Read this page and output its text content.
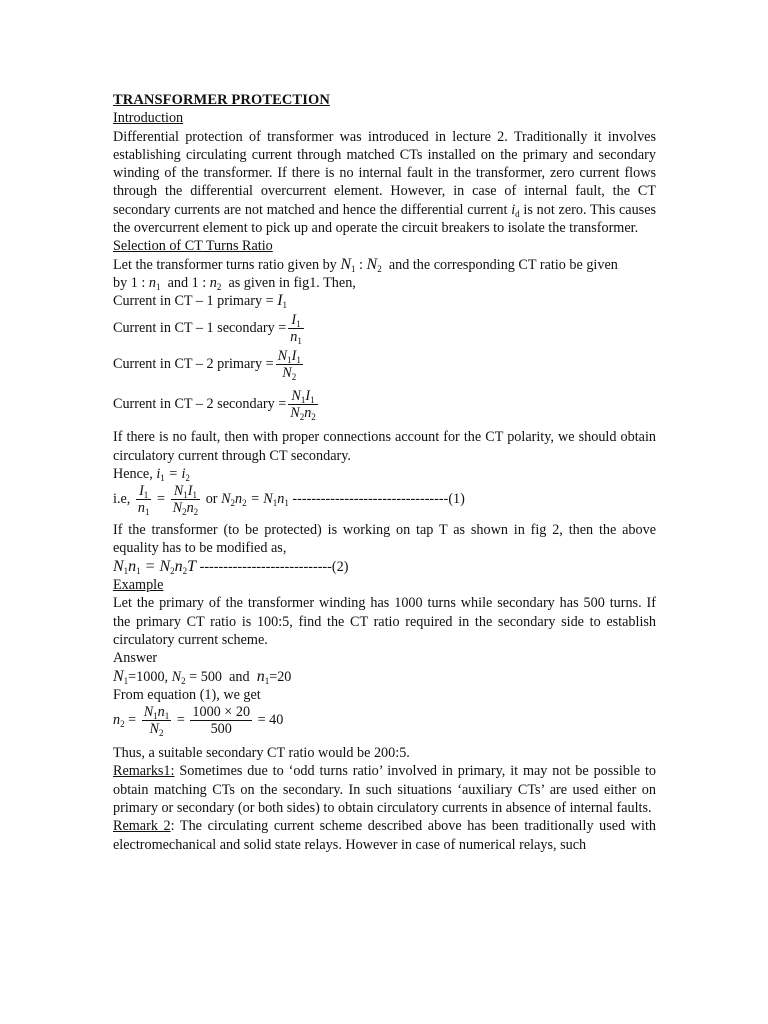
TRANSFORMER PROTECTION
Introduction
Differential protection of transformer was introduced in lecture 2. Traditionally it involves establishing circulating current through matched CTs installed on the primary and secondary winding of the transformer. If there is no internal fault in the transformer, zero current flows through the differential overcurrent element. However, in case of internal fault, the CT secondary currents are not matched and hence the differential current $i_d$ is not zero. This causes the overcurrent element to pick up and operate the circuit breakers to isolate the transformer.
Selection of CT Turns Ratio
Let the transformer turns ratio given by $N_1$ : $N_2$ and the corresponding CT ratio be given
by 1 : $n_1$ and 1 : $n_2$ as given in fig1. Then,
Current in CT – 1 primary = $I_1$
Current in CT – 1 secondary = $\frac{I_1}{n_1}$
Current in CT – 2 primary = $\frac{N_1I_1}{N_2}$
Current in CT – 2 secondary = $\frac{N_1I_1}{N_2n_2}$
If there is no fault, then with proper connections account for the CT polarity, we should obtain circulatory current through CT secondary.
Hence, $i_1 = i_2$
i.e, $\frac{I_1}{n_1} = \frac{N_1I_1}{N_2n_2}$ or $N_2n_2 = N_1n_1$ ---------------------------------(1)
If the transformer (to be protected) is working on tap T as shown in fig 2, then the above equality has to be modified as,
$N_1n_1 = N_2n_2T$ ----------------------------(2)
Example
Let the primary of the transformer winding has 1000 turns while secondary has 500 turns. If the primary CT ratio is 100:5, find the CT ratio required in the secondary side to establish circulatory current scheme.
Answer
$N_1=1000$, $N_2 = 500$ and $n_1=20$
From equation (1), we get
$n_2 = \frac{N_1n_1}{N_2} = \frac{1000 \times 20}{500} = 40$
Thus, a suitable secondary CT ratio would be 200:5.
Remarks1: Sometimes due to ‘odd turns ratio’ involved in primary, it may not be possible to obtain matching CTs on the secondary. In such situations ‘auxiliary CTs’ are used either on primary or secondary (or both sides) to obtain circulatory currents in absence of internal faults.
Remark 2: The circulating current scheme described above has been traditionally used with electromechanical and solid state relays. However in case of numerical relays, such
